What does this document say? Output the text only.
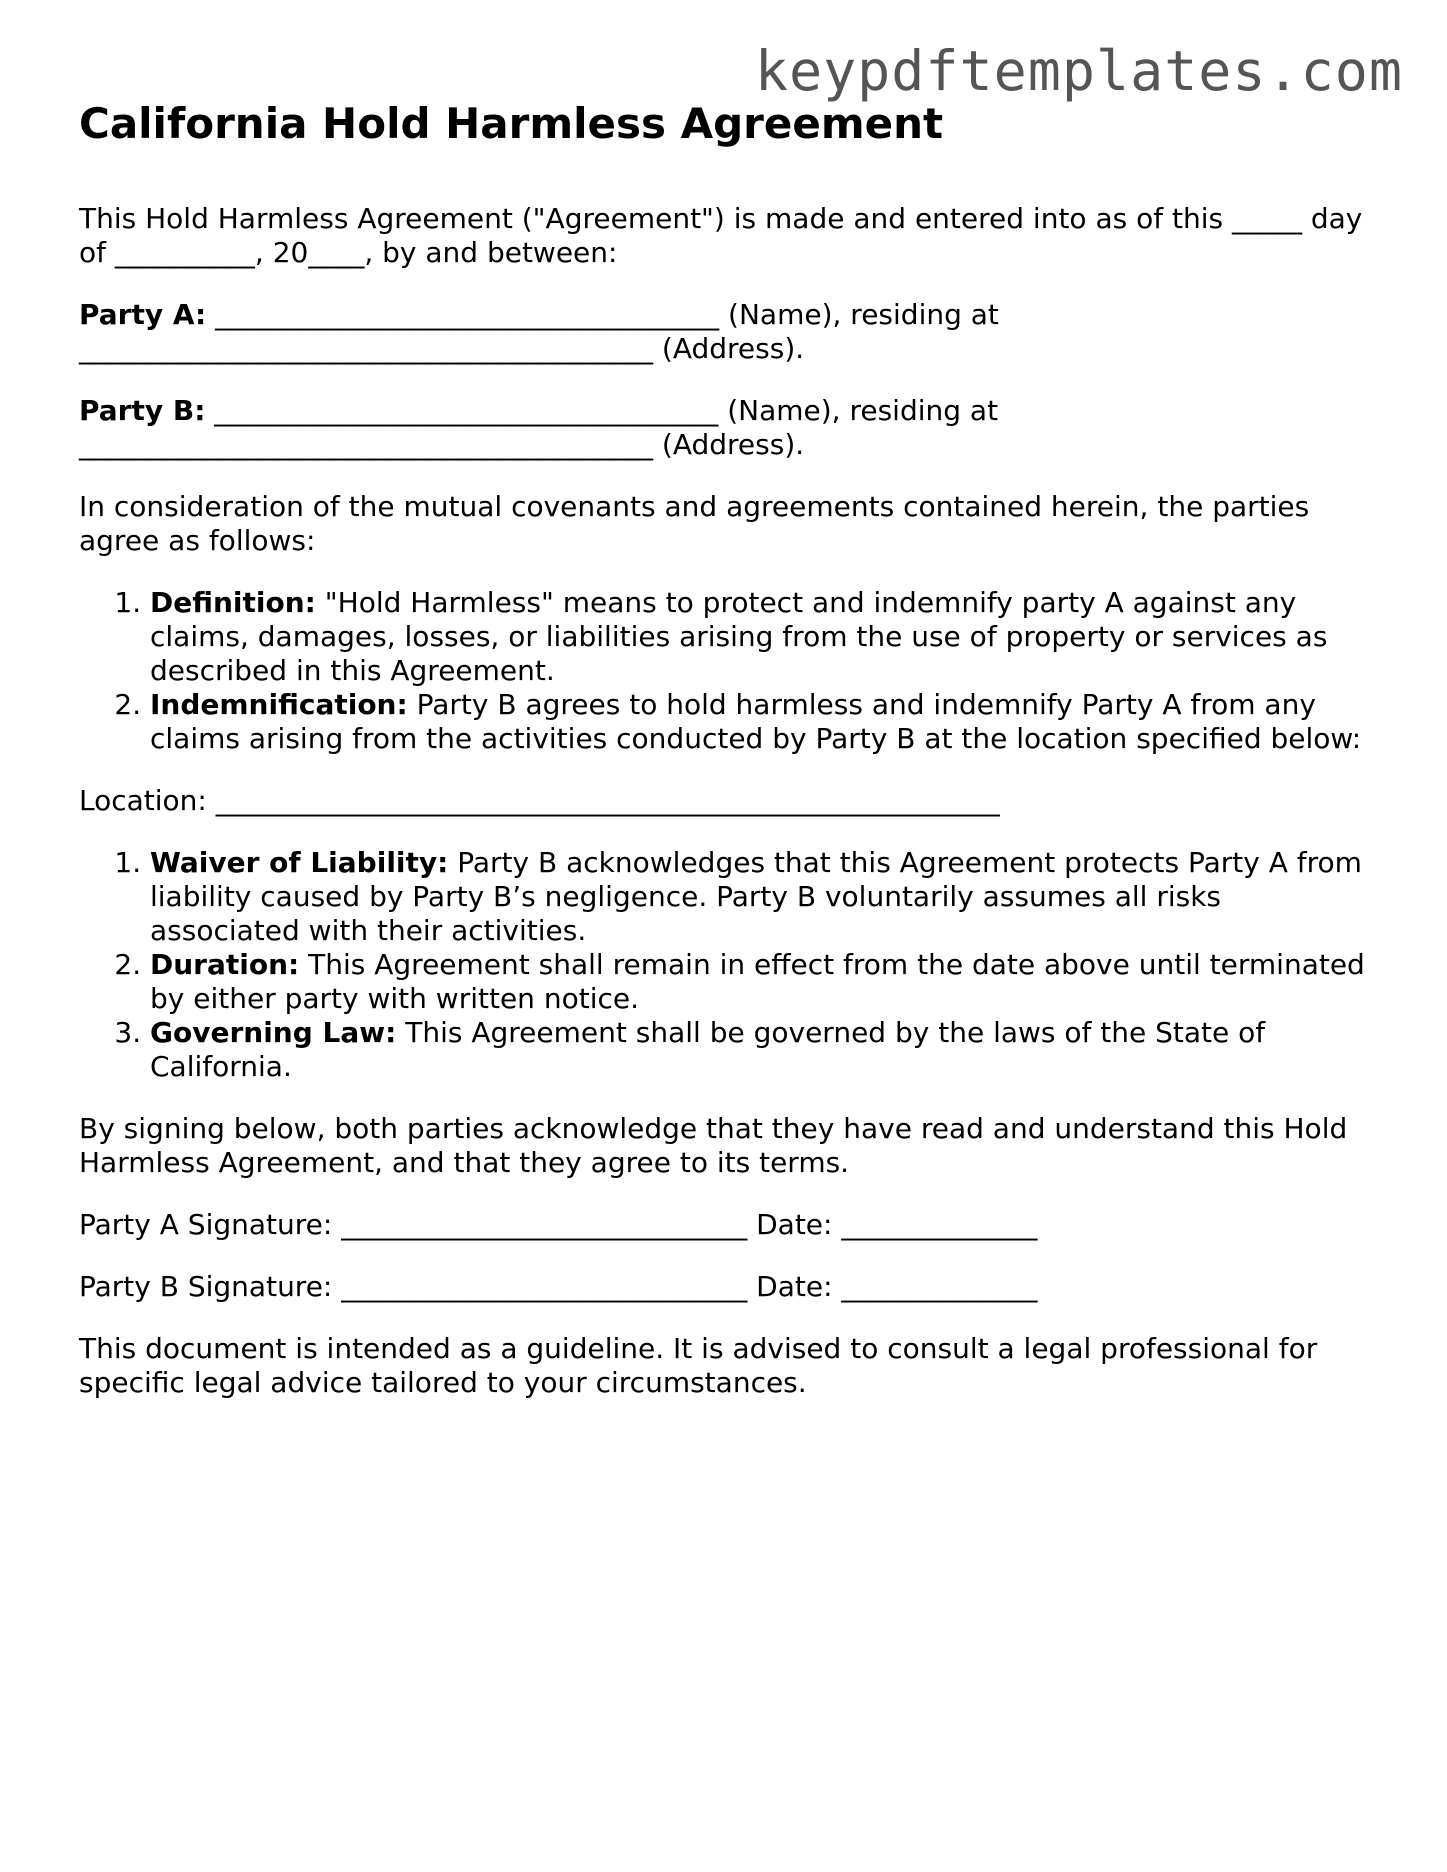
keypdftemplates.com
California Hold Harmless Agreement

This Hold Harmless Agreement ("Agreement") is made and entered into as of this _____ day of __________, 20____, by and between:

Party A: ____________________________________ (Name), residing at _________________________________________ (Address).

Party B: ____________________________________ (Name), residing at _________________________________________ (Address).

In consideration of the mutual covenants and agreements contained herein, the parties agree as follows:

1. Definition: "Hold Harmless" means to protect and indemnify party A against any claims, damages, losses, or liabilities arising from the use of property or services as described in this Agreement.
2. Indemnification: Party B agrees to hold harmless and indemnify Party A from any claims arising from the activities conducted by Party B at the location specified below:

Location: ________________________________________________________

1. Waiver of Liability: Party B acknowledges that this Agreement protects Party A from liability caused by Party B’s negligence. Party B voluntarily assumes all risks associated with their activities.
2. Duration: This Agreement shall remain in effect from the date above until terminated by either party with written notice.
3. Governing Law: This Agreement shall be governed by the laws of the State of California.

By signing below, both parties acknowledge that they have read and understand this Hold Harmless Agreement, and that they agree to its terms.

Party A Signature: _____________________________ Date: ______________

Party B Signature: _____________________________ Date: ______________

This document is intended as a guideline. It is advised to consult a legal professional for specific legal advice tailored to your circumstances.
